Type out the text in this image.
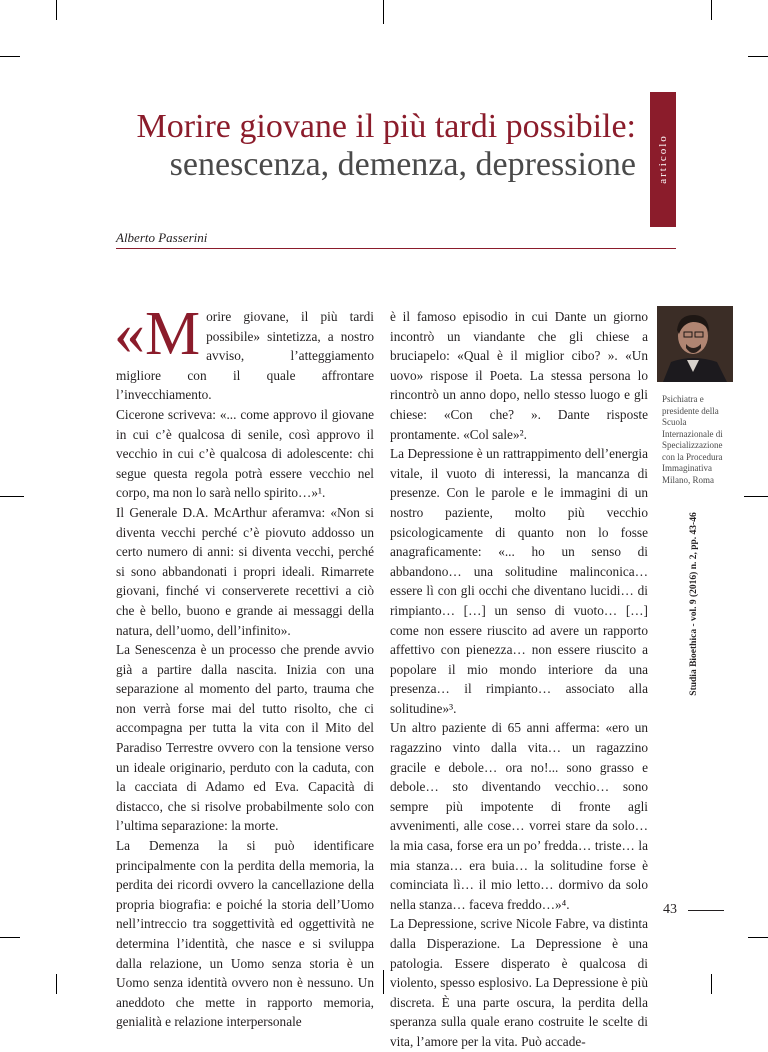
articolo
Morire giovane il più tardi possibile: senescenza, demenza, depressione
Alberto Passerini

«Morire giovane, il più tardi possibile» sintetizza, a nostro avviso, l’atteggiamento migliore con il quale affrontare l’invecchiamento.

Cicerone scriveva: «... come approvo il giovane in cui c’è qualcosa di senile, così approvo il vecchio in cui c’è qualcosa di adolescente: chi segue questa regola potrà essere vecchio nel corpo, ma non lo sarà nello spirito…»¹.

Il Generale D.A. McArthur aferamva: «Non si diventa vecchi perché c’è piovuto addosso un certo numero di anni: si diventa vecchi, perché si sono abbandonati i propri ideali. Rimarrete giovani, finché vi conserverete recettivi a ciò che è bello, buono e grande ai messaggi della natura, dell’uomo, dell’infinito».

La Senescenza è un processo che prende avvio già a partire dalla nascita. Inizia con una separazione al momento del parto, trauma che non verrà forse mai del tutto risolto, che ci accompagna per tutta la vita con il Mito del Paradiso Terrestre ovvero con la tensione verso un ideale originario, perduto con la caduta, con la cacciata di Adamo ed Eva. Capacità di distacco, che si risolve probabilmente solo con l’ultima separazione: la morte.

La Demenza la si può identificare principalmente con la perdita della memoria, la perdita dei ricordi ovvero la cancellazione della propria biografia: e poiché la storia dell’Uomo nell’intreccio tra soggettività ed oggettività ne determina l’identità, che nasce e si sviluppa dalla relazione, un Uomo senza storia è un Uomo senza identità ovvero non è nessuno. Un aneddoto che mette in rapporto memoria, genialità e relazione interpersonale

è il famoso episodio in cui Dante un giorno incontrò un viandante che gli chiese a bruciapelo: «Qual è il miglior cibo? ». «Un uovo» rispose il Poeta. La stessa persona lo rincontrò un anno dopo, nello stesso luogo e gli chiese: «Con che? ». Dante risposte prontamente. «Col sale»².

La Depressione è un rattrappimento dell’energia vitale, il vuoto di interessi, la mancanza di presenze. Con le parole e le immagini di un nostro paziente, molto più vecchio psicologicamente di quanto non lo fosse anagraficamente: «... ho un senso di abbandono… una solitudine malinconica… essere lì con gli occhi che diventano lucidi… di rimpianto… […] un senso di vuoto… […] come non essere riuscito ad avere un rapporto affettivo con pienezza… non essere riuscito a popolare il mio mondo interiore da una presenza… il rimpianto… associato alla solitudine»³.

Un altro paziente di 65 anni afferma: «ero un ragazzino vinto dalla vita… un ragazzino gracile e debole… ora no!... sono grasso e debole… sto diventando vecchio… sono sempre più impotente di fronte agli avvenimenti, alle cose… vorrei stare da solo… la mia casa, forse era un po’ fredda… triste… la mia stanza… era buia… la solitudine forse è cominciata lì… il mio letto… dormivo da solo nella stanza… faceva freddo…»⁴.

La Depressione, scrive Nicole Fabre, va distinta dalla Disperazione. La Depressione è una patologia. Essere disperato è qualcosa di violento, spesso esplosivo. La Depressione è più discreta. È una parte oscura, la perdita della speranza sulla quale erano costruite le scelte di vita, l’amore per la vita. Può accade-

Psichiatra e presidente della Scuola Internazionale di Specializzazione con la Procedura Immaginativa Milano, Roma
Studia Bioethica - vol. 9 (2016) n. 2, pp. 43-46
43
